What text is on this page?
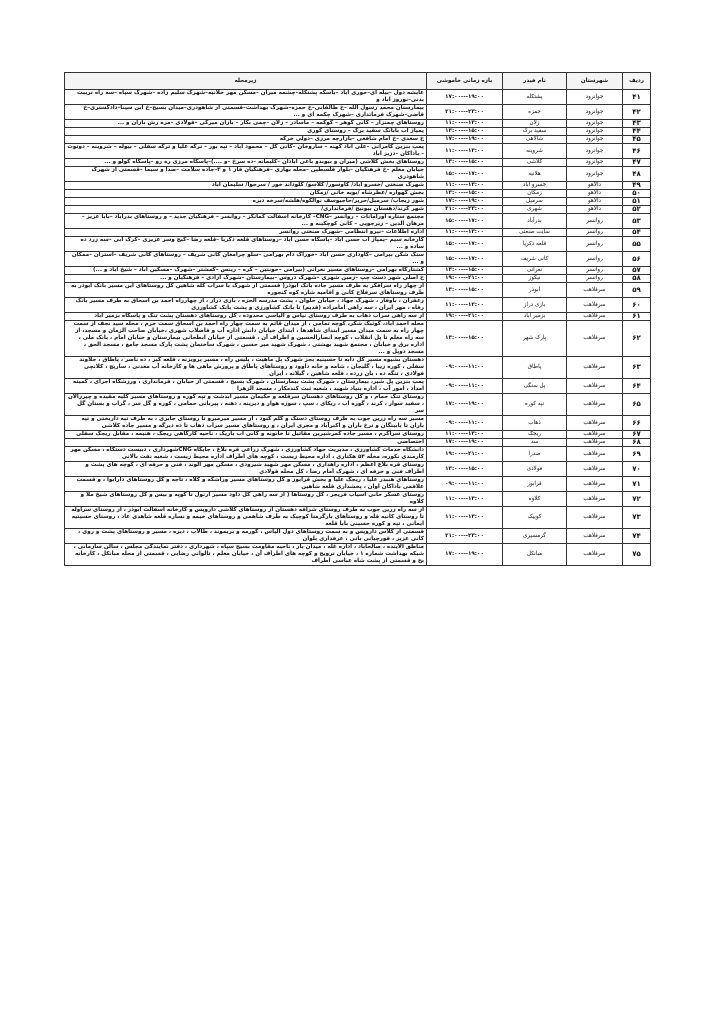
ردیف	شهرستان	نام فیدر	بازه زمانی خاموشی	زیرمحله
۴۱	جوانرود	پشتکله	۱۷:۰۰---۱۹:۰۰	عایشه دول –بیله ای–حوری اباد –باسکه پشتکله–چشمه میران –مسکن مهر خلانیه–شهرک سلیم زاده –شهرک سپاه –سه راه تربیت بدنی–نوروز اباد و
۴۲	جوانرود	حمزه	۲۱:۰۰---۲۳:۰۰	بیمارستان محمد رسول الله –خ طالقانی–خ حمزه–شهرک بهداشت–قسمتی از شاهودری–میدان بسیج–خ ابن سینا–دادگستری–خ قاضی–شهرک فرمانداری –شهرک چکمه ای و ...
۴۳	جوانرود	زلان	۱۱:۰۰---۱۳:۰۰	روستاهای چمنزار – کانی گوهر – کوکمه – ماسادر – زلان –چمی بکار – بازان میرکی –فولادی –مزه رش بازان و ...
۴۴	جوانرود	سفید برگ	۱۳:۰۰---۱۵:۰۰	پمپاژ اب بابانک سفید برگ – روستای کوری
۴۵	جوانرود	شالاهی	۱۷:۰۰---۱۹:۰۰	خ سعدی –خ امام شافعی –بازارچه مرزی –دولی خرکه
۴۶	جوانرود	شروینه	۱۱:۰۰---۱۳:۰۰	پمپ بنزین کامرانی –علی آباد کهنه – ساروخان –کانی گل – محمود اباد – تپه بور – ترکه علیا و ترکه سفلی – بیوله – شروینه – دوتوت – باداکان –دزیز اباد
۴۷	جوانرود	کلاشی	۱۳:۰۰---۱۵:۰۰	روستاهای بخش کلاشی (میران و بیوندو باغی ابادان –کلیمانه –ده سرخ –و ....)–پاسگاه مرزی ره رو –پاسگاه کولو و ...
۴۸	جوانرود	هلانیه	۱۵:۰۰---۱۷:۰۰	خیابان معلم –خ فرهنگیان –بلوار فلسطین –محله بهاری –فرهنگیان فاز ۱ و ۳–جاده سلامت –صدا و سیما –قسمتی از شهرک شاهودری
۴۹	دالاهو	خسرو آباد	۱۱:۰۰---۱۳:۰۰	شهرک صنعتی /خسرو آباد/ کاوسور/ کلاسو/ گلوداند خور / سرجوا/ سلیمان آباد
۵۰	دالاهو	زمکان	۱۳:۰۰---۱۵:۰۰	بخش گهواره /عطرشاه /بویه خانی /زمکان
۵۱	دالاهو	سرمیل	۱۷:۰۰---۱۹:۰۰	شور زیجاب/ سرمیل/حریر/حاجیوسف نوالکوه/هلشه/سرخه دیزه
۵۲	دالاهو	شهری	۲۱:۰۰---۲۳:۰۰	شهر کرند/دهستان بیونیج /فرمانداری/
۵۳	روانسر	بدرآباد	۱۵:۰۰---۱۷:۰۰	مجتمع ستاره اورامانات – روانسر –CNG– کارخانه آسفالت کمانگر – روانسر – فرهنگیان جدید – و روستاهای بدرآباد –بابا عزیز –مرهان الدین – زیرجویی – کانی کوچکینه و ...
۵۴	روانسر	سایت صنعتی	۱۱:۰۰---۱۳:۰۰	اداره اطلاعات –نیرو انتظامی –شهرک صنعتی روانسر
۵۵	روانسر	قلعه ذکریا	۱۵:۰۰---۱۷:۰۰	کارخانه سیم –پمپاژ اب حسن اباد –پاسگاه حسن اباد –روستاهای قلعه ذکریا –قلعه رضا –کیج وسر عزیزی –کرک آبی –سه زرد ده ساده و ...
۵۶	روانسر	کانی شریف	۱۵:۰۰---۱۷:۰۰	سنگ شکن بیرامی –گاوداری حسن اباد –خوراک دام بهرامی –سلو چرامعان کانی شریف – روستاهای کانی شریف –آستران –ممکان و ...
۵۷	روانسر	نعرانی	۱۳:۰۰---۱۵:۰۰	کشتارگاه بهرامی –روستاهای مسیر نعرانی (بیرامی –خونتین – کره – رینس –کمشتر –شهرک –مسکین اباد – شیخ اباد و ...)
۵۸	روانسر	نیکوز	۱۹:۰۰---۲۱:۰۰	خ اصلی شهر دست چپ –زمین شهری –شهرک دروس –بیمارستان –شهرک آزادی – فرهنگیان و ...
۵۹	سرفلاهب	ابوذر	۱۳:۰۰---۱۵:۰۰	از چهار راه سرافکر به طرف مسیر جاده بانک ابوذر( قسمتی از شهرک با سرآب کله شاهین کل روستاهای این مسیر بانک ابوذر به طرف روستاهای سرفلاح کانی و اقامیه شاره کوه کنجوره
۶۰	سرفلاهب	بازی دراز	۱۱:۰۰---۱۳:۰۰	زعفران ، باوقار ، شهرک جهاد ، خیابان حلوان ، پشت مدرسه الحزه ، بازی دراز ، از چهارراه احمد بن اسحاق به طرف مسیر بانک رفاه ، مهر ایران ، سه راهی امامزاده (قدیم) تا بانک کشاورزی و پشت بانک کشاورزی
۶۱	سرفلاهب	بزمیر آباد	۱۹:۰۰---۲۱:۰۰	از سه راهی سراب ذهاب به طرف روستای نیاس و الیاسی محدوده ، کل روستاهای دهستان پشت تنگ و پاسگاه بزمیر آباد
۶۲	سرفلاهب	پارک شهر	۱۳:۰۰---۱۵:۰۰	محله احمد آباد، کوئیک شکر، کوچه تمامی ، از میدان قائم به سمت چهار راه احمد بن اسحاق سمت حرم ، محله سید نجف از سمت چهار راه به سمت میدان مسیر ابتدای شاهدها ، ابتدای خیابان دانش اداره آب و فاضلاب شهری ،خیابان صاحب الزمان و مسجد، از سه راه معلم تا پل انقلاب ، کوچه انصارالحسین و اطراف آن ، قسمتی از خیابان ابطحانی بیمارستان و خیابان امام ، بانک ملی ، اداره برق و خیابان ، مجتمع شهید بهشتی ، شهرک شهید میر حسین ، شهرک ساختمان پشت پارک مسجد جامع ، مسجد الحق ، مسجد دوپل و ...
۶۳	سرفلاهب	پاطاق	۰۹:۰۰---۱۱:۰۰	دهستان بشیوه مسیر کل دابه تا حسینیه بجز شهرک پل ماهیت ، پلیس راه ، مسیر پرویزنه ، قلعه گبر ، ده ناصر ، پاطاق ، جلاوند سفلی ، کوره زیبا ، گلیجان ، شامه و خانه داوود و روستاهای پاطاق و پرورش ماهی ها و کارخانه آب معدنی ، ساریچ ، کلانچی فولادی ، تنگه ده ، بان زرده ، قلعه شاهین ، گیلانه ، ایران
۶۴	سرفلاهب	پل سنگی	۰۹:۰۰---۱۱:۰۰	پمپ بنزین پل شیر، بیمارستان ، شهرک پشت بیمارستان ، شهرک بسیج ، قسمتی از خیابان ، فرمانداری ، ورزشگاه اجرای ، کمیته امداد ، امور آب ، اداره بنیاد شهید ، شعبه ثبت کندمکار ، مسجد الزهرا
۶۵	سرفلاهب	تپه کوره	۱۷:۰۰---۱۹:۰۰	روستای تنگ حمام ، و کل روستاهای دهستان سرقلعه و حکیمان مسیر آبدشت و تپه کوره و روستاهای مسیر کلیه مقیده و چیرزالان ، سفید سوار ، کرند ، گوره اب ، ریکای ، سپ ، سوزه هوار و دیرینه ، دهنه ، پیربانی حمامی ، کوره و گل سر ، گراب و بستان گل سر
۶۶	سرفلاهب	ذهاب	۰۹:۰۰---۱۱:۰۰	مسیر سه راه زرین جوب به طرف روستای دستگ و گلم کبود ، از مسیر میرمیرو تا روستای جابری ، به طرف تپه داربختی و تپه باران تا بابیتگان و ترخ باران و اکبرآباد و مجری ایران ، و روستاهای مسیر سراب ذهاب تا ده دیرگه و مسیر جاده کلاشی
۶۷	سرفلاهب	ریجگ	۱۱:۰۰---۱۳:۰۰	روستای سراکرم ، مسیر جاده کمرشیرین مقاتیل تا خانونه و کانی اب باریک ، ناحیه کارگاهی ریجگ ، هنیمه ، مقابل ریجگ سفلی
۶۸	سرفلاهب	سد	۱۷:۰۰---۱۹:۰۰	اختصاصی
۶۹	سرفلاهب	صدرا	۱۹:۰۰---۲۱:۰۰	دانشکاه خدمات کشاورزی ، مدیریت جهاد کشاورزی ، شهرک زراعی فره بلاغ ، جایگاه CNGشهرداری ، دبیست دستگاه ، مسکن مهر کارمندی نکوره، محله ۵۴ هکتاری ، اداره محیط زیست ، کوچه های اطراف اداره محیط زیست ، شعبه نفت بالانی
۷۰	سرفلاهب	فولادی	۱۳:۰۰---۱۵:۰۰	روستای قره بلاغ اعظم ، اداره راهداری ، مسکن مهر شهید شیرودی ، مسکن مهر الوند ، فنی و حرفه ای ، کوچه های پشت و اطراف فنی و حرفه ای ، شهرک امام رضا ، کل محله فولادی
۷۱	سرفلاهب	قرابوز	۰۹:۰۰---۱۱:۰۰	روستاهای هنبدر علیا ، ریجگ علیا و بخش قرابوز و کل روستاهای مسیر وراشکه و کلاه ، تاجه و کل روستاهای دارابوا ، و قسمت علاقمی باداکان اوان ، پخشداری قلعه شاهین
۷۲	سرفلاهب	کلاوه	۱۱:۰۰---۱۳:۰۰	روستای عسکر خانی آسیاب فریجر ، کل روستاها ( از سه راهی کل داود مسیر ارنول تا کوپه و بیس و کل روستاهای شیخ ملا و کلاوه
۷۳	سرفلاهب	کوییک	۱۱:۰۰---۱۳:۰۰	از سه راه زرین جوب به طرف روستای شرافه دهستان از روستاهای کلاشی داروپس و کارخانه آسفالت ابوذر ، از روستای سراوله تا روستای کانیه قله و روستاهای بارگرمتا کوچیک به طرف شاهمی و روستاهای خیمه و نساره قلعه شاهدی عاد ، روستای حسینیه ایمانی ، تپه و کوره حسینی بابا قلعه
۷۴	سرفلاهب	گرمسیری	۲۱:۰۰---۲۳:۰۰	قسمتی از کلاس داروپس و به سمت روستاهای دول الیاس ، گورمه و بریموند ، طالاب ، دیزه ، مسیر و روستاهای پشت و روی ، کانی عزیز ، قورچیانی باتی ، عرفداری بلوان
۷۵	سرفلاهب	مبانکل	۱۷:۰۰---۱۹:۰۰	مناطق آلاینده ، صالحاباد ، اداره غله ، میدان بار ، ناحیه مقاومت بسیج سپاه ، شهرداری ، دفتر نمایندگی مجلس ، سالن سازمانی ، شبکه بهداشت شماره ۱ ، خیابان ترویج و کوچه های اطراف آن ، خیابان معلم ، تالوانی رضایی ، قسمتی از محله مبانکل ، کارخانه یخ و قسمتی از پشت شاه عباسی اطراف
